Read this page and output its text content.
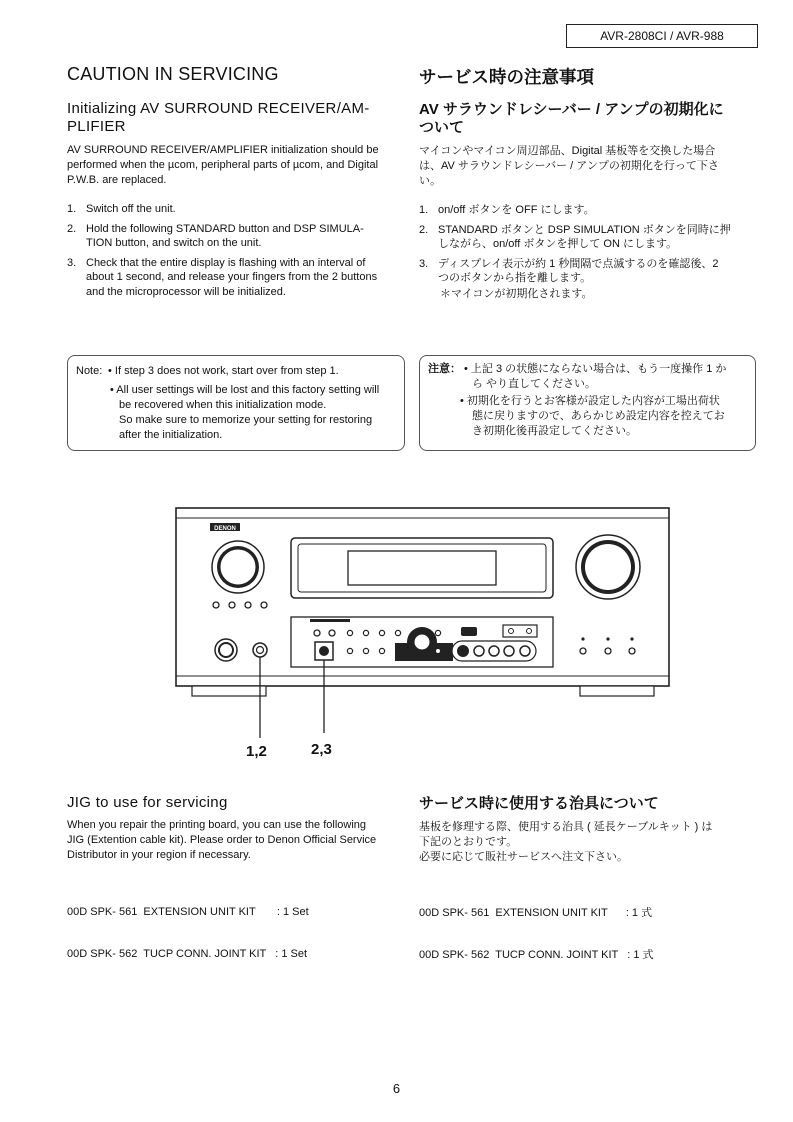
AVR-2808CI / AVR-988
CAUTION IN SERVICING
Initializing AV SURROUND RECEIVER/AM-
PLIFIER
AV SURROUND RECEIVER/AMPLIFIER initialization should be
performed when the µcom, peripheral parts of µcom, and Digital
P.W.B. are replaced.
1. Switch off the unit.
2. Hold the following STANDARD button and DSP SIMULA-
TION button, and switch on the unit.
3. Check that the entire display is flashing with an interval of
about 1 second, and release your fingers from the 2 buttons
and the microprocessor will be initialized.
Note: • If step 3 does not work, start over from step 1.
• All user settings will be lost and this factory setting will
be recovered when this initialization mode.
So make sure to memorize your setting for restoring
after the initialization.
サービス時の注意事項
AV サラウンドレシーバー / アンプの初期化に
ついて
マイコンやマイコン周辺部品、Digital 基板等を交換した場合
は、AV サラウンドレシーバー / アンプの初期化を行って下さ
い。
1. on/off ボタンを OFF にします。
2. STANDARD ボタンと DSP SIMULATION ボタンを同時に押
しながら、on/off ボタンを押して ON にします。
3. ディスプレイ表示が約 1 秒間隔で点滅するのを確認後、2
つのボタンから指を離します。
＊マイコンが初期化されます。
注意： • 上記 3 の状態にならない場合は、もう一度操作 1 か
ら やり直してください。
• 初期化を行うとお客様が設定した内容が工場出荷状
態に戻りますので、あらかじめ設定内容を控えてお
き初期化後再設定してください。
DENON
1,2	2,3
JIG to use for servicing
When you repair the printing board, you can use the following
JIG (Extention cable kit). Please order to Denon Official Service
Distributor in your region if necessary.

00D SPK- 561  EXTENSION UNIT KIT       : 1 Set

00D SPK- 562  TUCP CONN. JOINT KIT   : 1 Set

サービス時に使用する治具について
基板を修理する際、使用する治具 ( 延長ケーブルキット ) は
下記のとおりです。
必要に応じて販社サービスへ注文下さい。

00D SPK- 561  EXTENSION UNIT KIT      : 1 式

00D SPK- 562  TUCP CONN. JOINT KIT   : 1 式

6
